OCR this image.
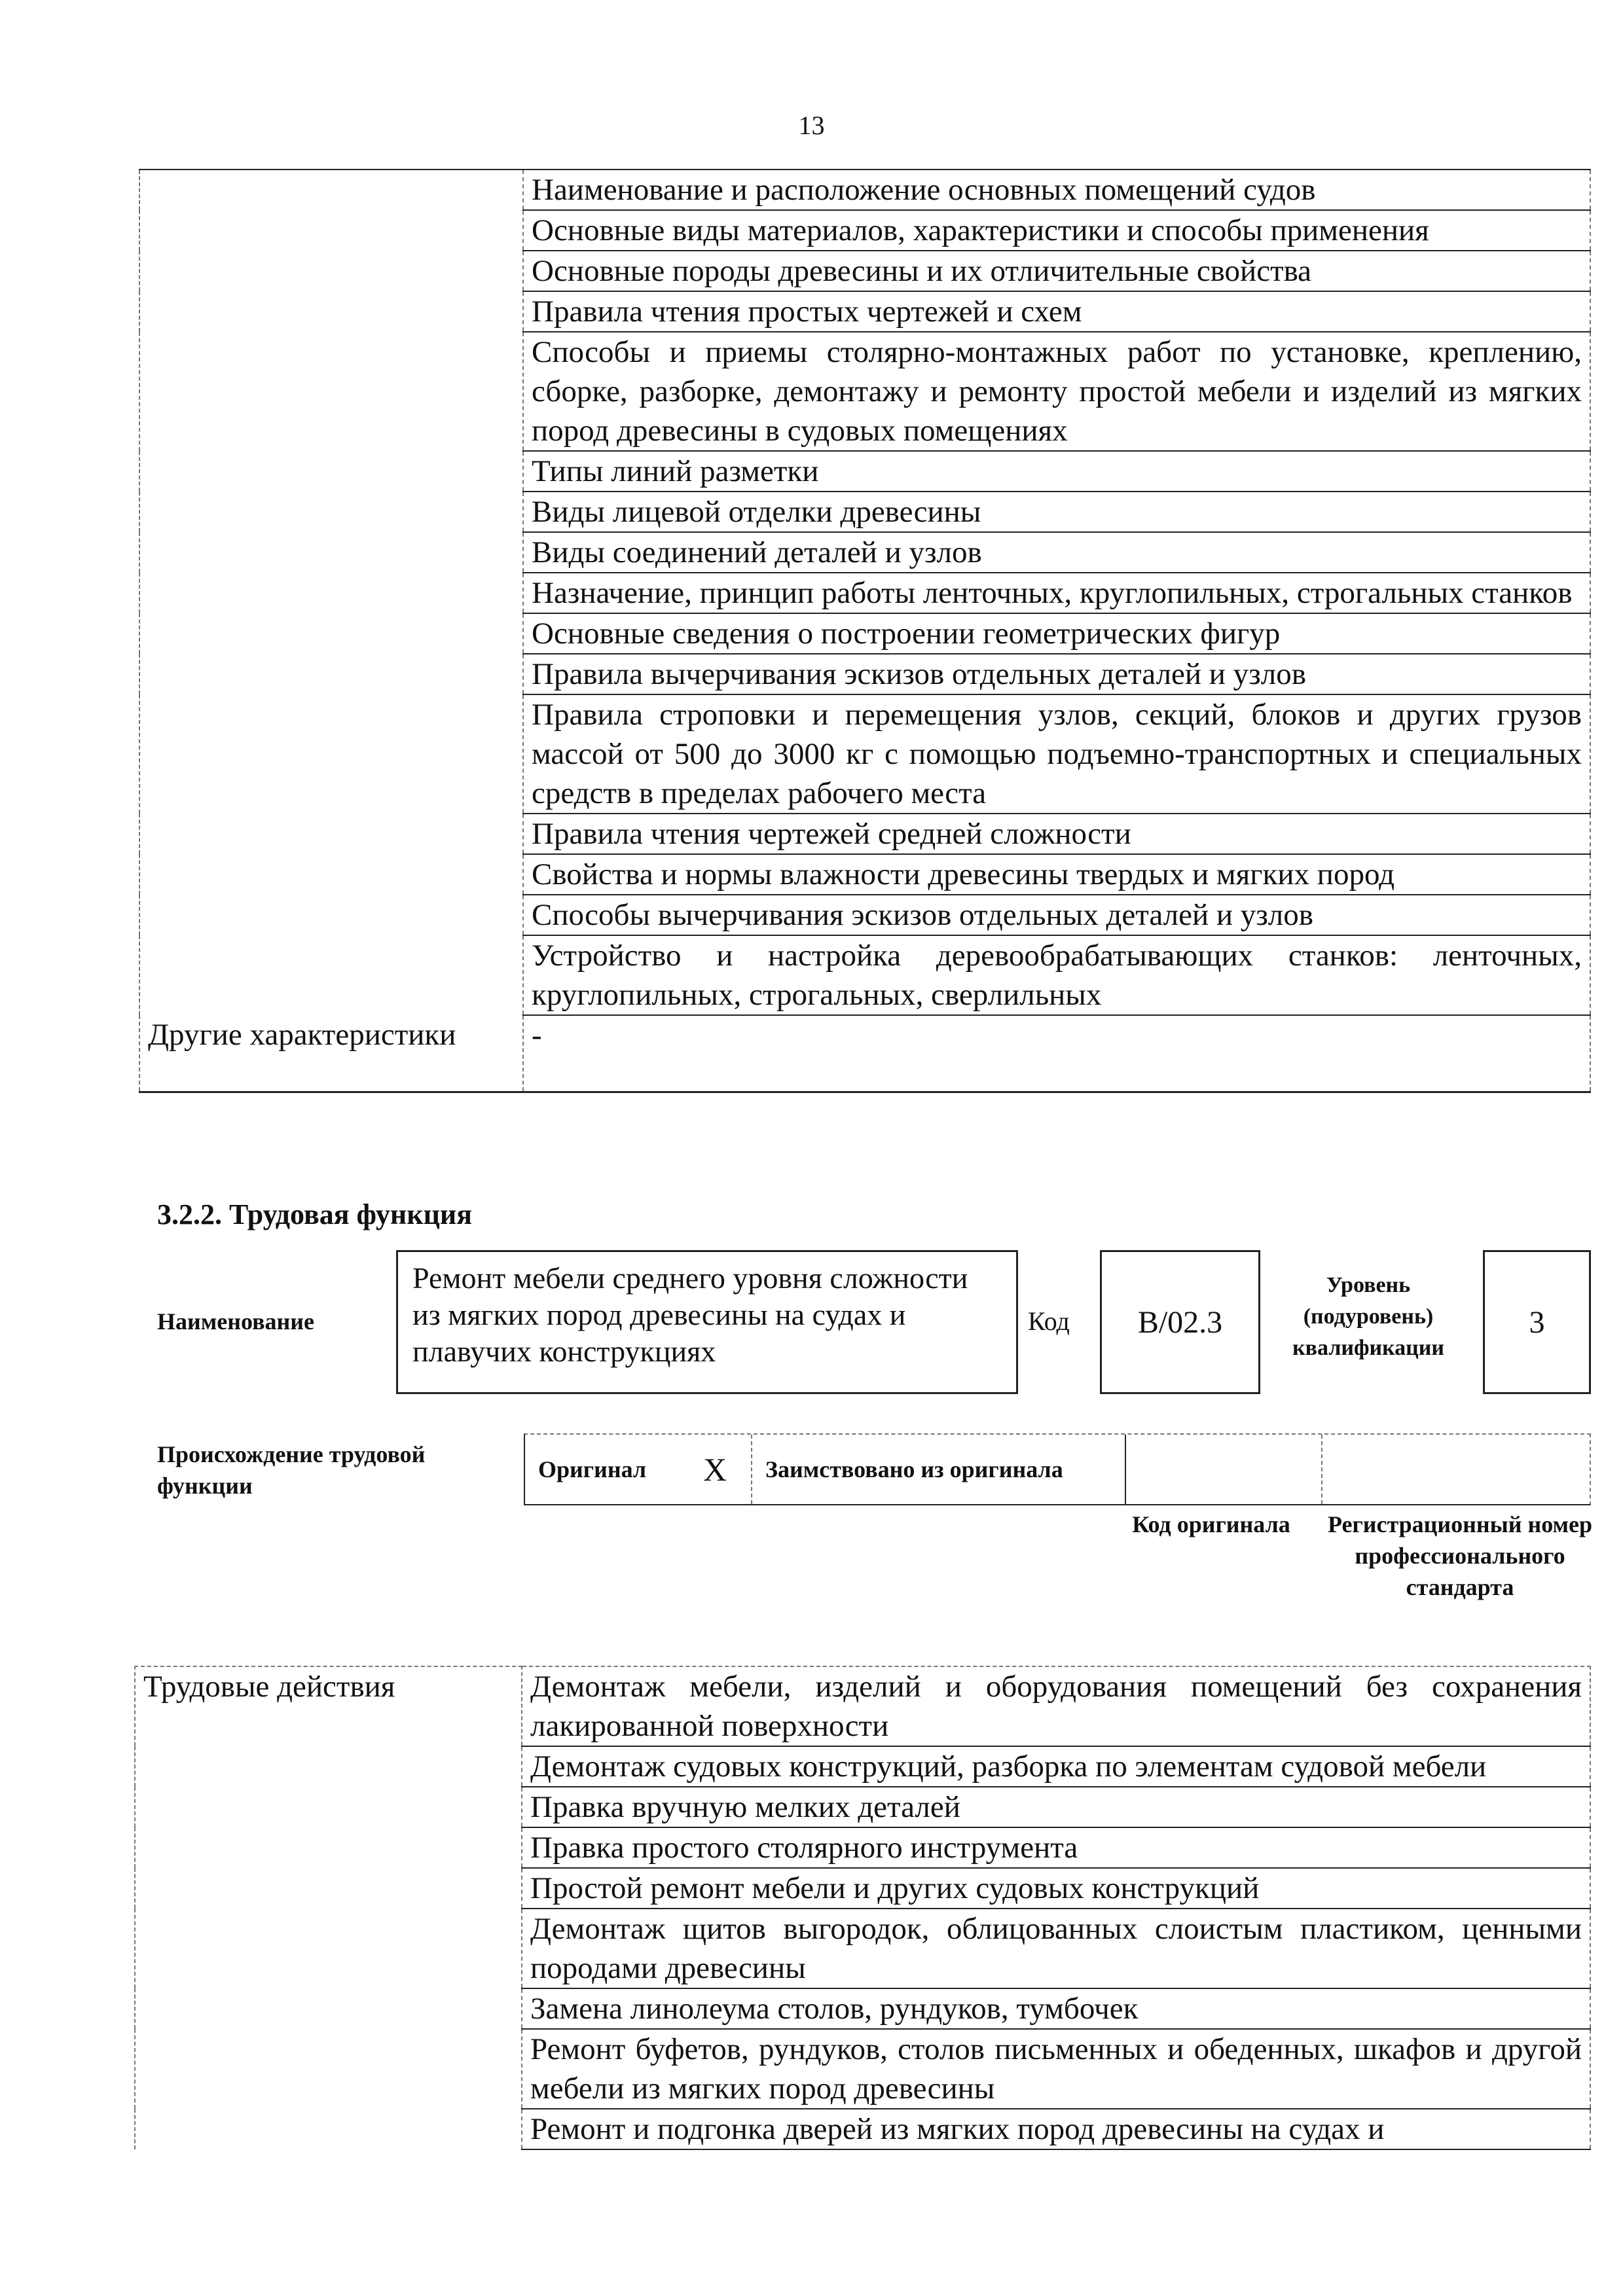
13
	Наименование и расположение основных помещений судов
	Основные виды материалов, характеристики и способы применения
	Основные породы древесины и их отличительные свойства
	Правила чтения простых чертежей и схем
	Способы и приемы столярно-монтажных работ по установке, креплению, сборке, разборке, демонтажу и ремонту простой мебели и изделий из мягких пород древесины в судовых помещениях
	Типы линий разметки
	Виды лицевой отделки древесины
	Виды соединений деталей и узлов
	Назначение, принцип работы ленточных, круглопильных, строгальных станков
	Основные сведения о построении геометрических фигур
	Правила вычерчивания эскизов отдельных деталей и узлов
	Правила строповки и перемещения узлов, секций, блоков и других грузов массой от 500 до 3000 кг с помощью подъемно-транспортных и специальных средств в пределах рабочего места
	Правила чтения чертежей средней сложности
	Свойства и нормы влажности древесины твердых и мягких пород
	Способы вычерчивания эскизов отдельных деталей и узлов
	Устройство и настройка деревообрабатывающих станков: ленточных, круглопильных, строгальных, сверлильных
Другие характеристики	-
3.2.2. Трудовая функция
Наименование
Ремонт мебели среднего уровня сложности из мягких пород древесины на судах и плавучих конструкциях
Код B/02.3
Уровень (подуровень) квалификации
3
Происхождение трудовой функции
Оригинал	X	Заимствовано из оригинала
Код оригинала	Регистрационный номер профессионального стандарта
Трудовые действия	Демонтаж мебели, изделий и оборудования помещений без сохранения лакированной поверхности
Демонтаж судовых конструкций, разборка по элементам судовой мебели
Правка вручную мелких деталей
Правка простого столярного инструмента
Простой ремонт мебели и других судовых конструкций
Демонтаж щитов выгородок, облицованных слоистым пластиком, ценными породами древесины
Замена линолеума столов, рундуков, тумбочек
Ремонт буфетов, рундуков, столов письменных и обеденных, шкафов и другой мебели из мягких пород древесины
Ремонт и подгонка дверей из мягких пород древесины на судах и
